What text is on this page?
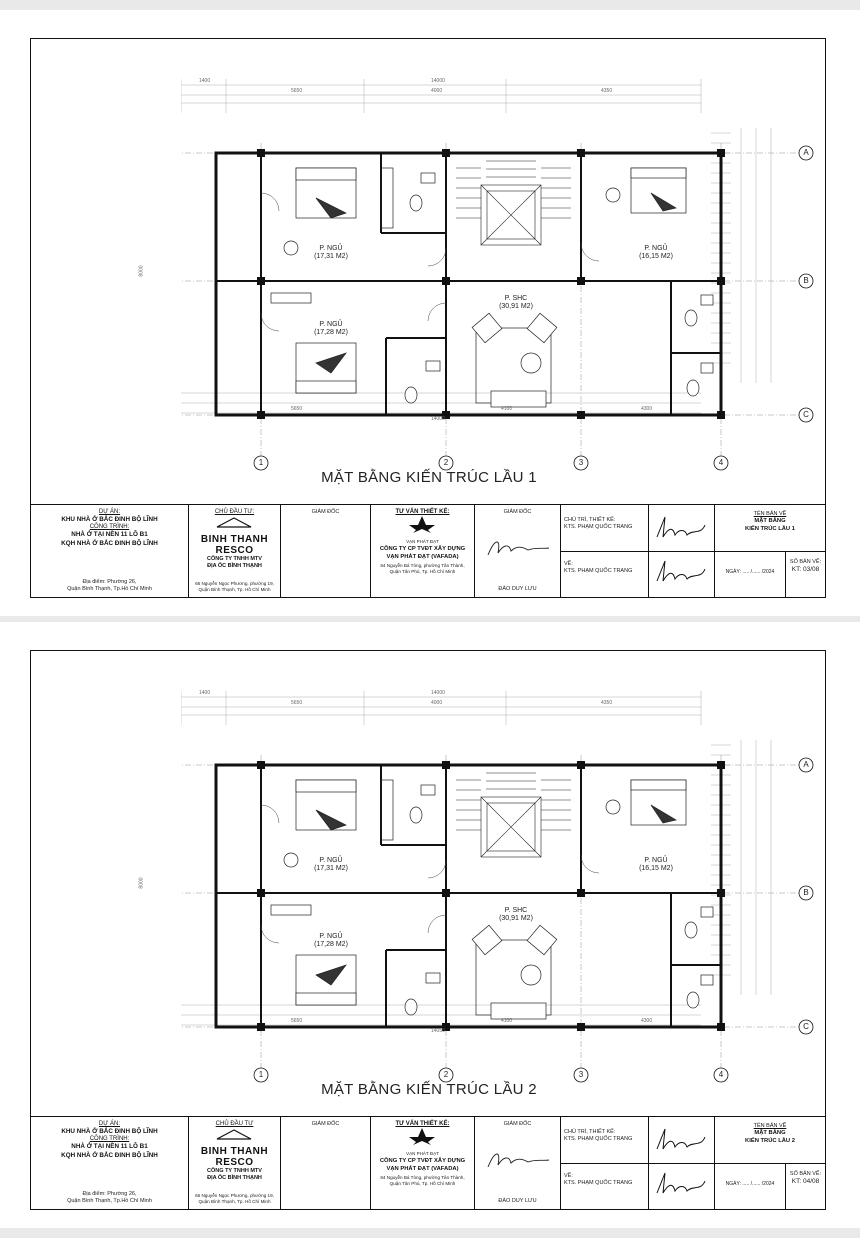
1	2	3	4
A
B
C
1400	14000
5650	4000	4350
5650	4100	4300
14000
8000
P. NGỦ
(17,31 M2)
P. NGỦ
(16,15 M2)
P. NGỦ
(17,28 M2)
P. SHC
(30,91 M2)
MẶT BẰNG KIẾN TRÚC LẦU 1
DỰ ÁN:
KHU NHÀ Ở BẮC ĐINH BỘ LĨNH
CÔNG TRÌNH:
NHÀ Ở TẠI NỀN 11 LÔ B1
KQH NHÀ Ở BẮC ĐINH BỘ LĨNH
Địa điểm: Phường 26,
Quận Bình Thạnh, Tp.Hồ Chí Minh
CHỦ ĐẦU TƯ:
BINH THANH
RESCO
CÔNG TY TNHH MTV
ĐỊA ỐC BÌNH THẠNH
66 Nguyễn Ngọc Phương, phường 19,
Quận Bình Thạnh, Tp. Hồ Chí Minh
GIÁM ĐỐC	TƯ VẤN THIẾT KẾ:
VẠN PHÁT ĐẠT
CÔNG TY CP TVĐT XÂY DỰNG
VẠN PHÁT ĐẠT (VAFADA)
84 Nguyễn Bá Tòng, phường Tân Thành,
Quận Tân Phú, Tp. Hồ Chí Minh
GIÁM ĐỐC
ĐÀO DUY LƯU
CHỦ TRÌ, THIẾT KẾ:
KTS. PHẠM QUỐC TRANG
VẼ:
KTS. PHẠM QUỐC TRANG
TÊN BẢN VẼ
MẶT BẰNG
KIẾN TRÚC LẦU 1
NGÀY: ..... /...... /2024
SỐ BẢN VẼ:
KT: 03/08
1	2	3	4
A
B
C
1400	14000
5650	4000	4350
5650	4100	4300
14050
8000
P. NGỦ
(17,31 M2)
P. NGỦ
(16,15 M2)
P. NGỦ
(17,28 M2)
P. SHC
(30,91 M2)
MẶT BẰNG KIẾN TRÚC LẦU 2
DỰ ÁN:
KHU NHÀ Ở BẮC ĐINH BỘ LĨNH
CÔNG TRÌNH:
NHÀ Ở TẠI NỀN 11 LÔ B1
KQH NHÀ Ở BẮC ĐINH BỘ LĨNH
Địa điểm: Phường 26,
Quận Bình Thạnh, Tp.Hồ Chí Minh
CHỦ ĐẦU TƯ
BINH THANH
RESCO
CÔNG TY TNHH MTV
ĐỊA ỐC BÌNH THẠNH
66 Nguyễn Ngọc Phương, phường 19,
Quận Bình Thạnh, Tp. Hồ Chí Minh
GIÁM ĐỐC	TƯ VẤN THIẾT KẾ:
VẠN PHÁT ĐẠT
CÔNG TY CP TVĐT XÂY DỰNG
VẠN PHÁT ĐẠT (VAFADA)
84 Nguyễn Bá Tòng, phường Tân Thành,
Quận Tân Phú, Tp. Hồ Chí Minh
GIÁM ĐỐC
ĐÀO DUY LƯU
CHỦ TRÌ, THIẾT KẾ:
KTS. PHẠM QUỐC TRANG
VẼ:
KTS. PHẠM QUỐC TRANG
TÊN BẢN VẼ
MẶT BẰNG
KIẾN TRÚC LẦU 2
NGÀY: ..... /...... /2024
SỐ BẢN VẼ:
KT: 04/08
